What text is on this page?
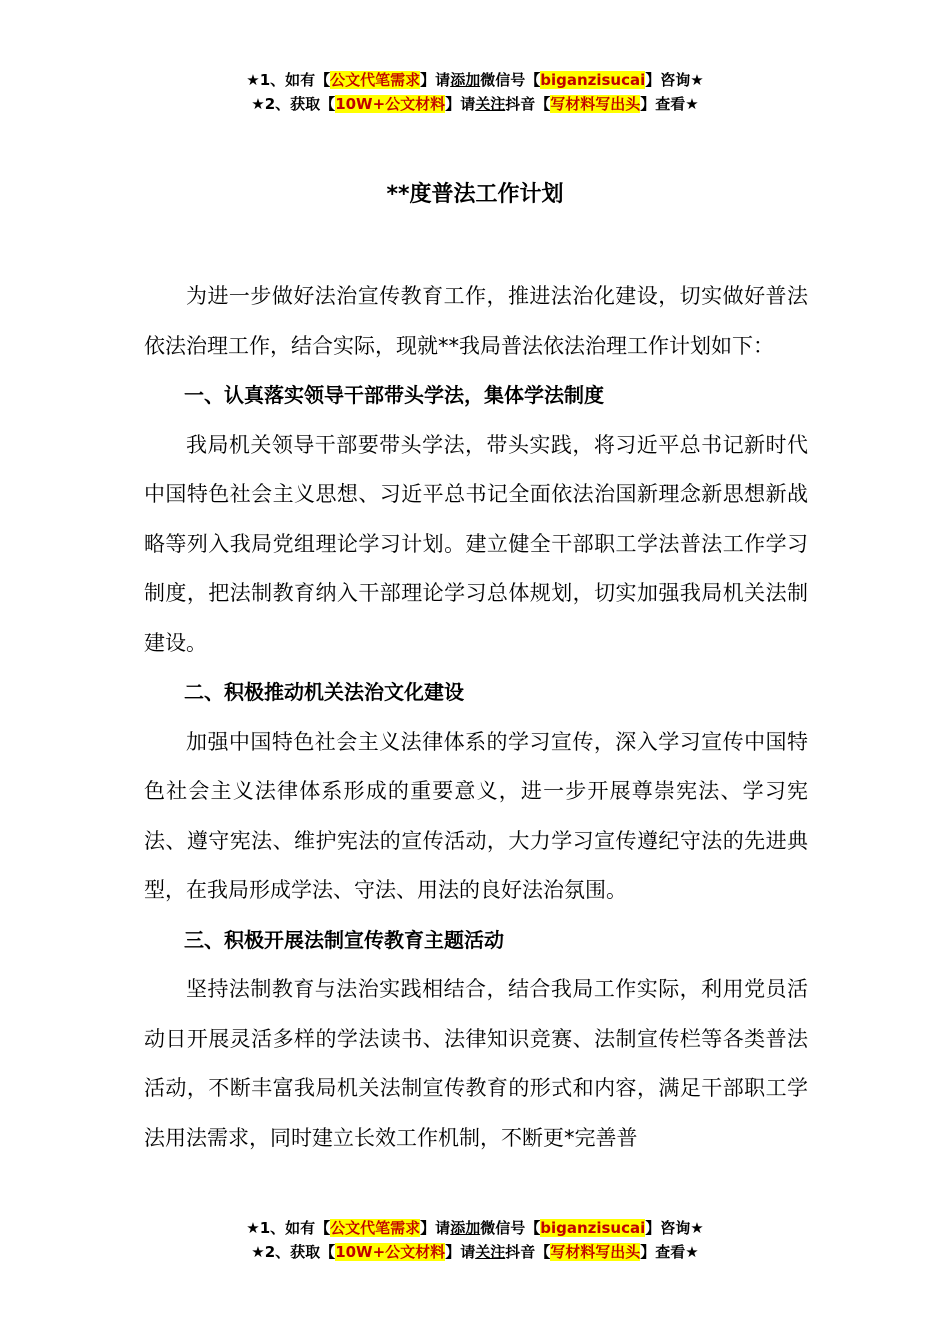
★1、如有【公文代笔需求】请添加微信号【biganzisucai】咨询★
★2、获取【10W+公文材料】请关注抖音【写材料写出头】查看★
**度普法工作计划

为进一步做好法治宣传教育工作，推进法治化建设，切实做好普法依法治理工作，结合实际，现就**我局普法依法治理工作计划如下：

一、认真落实领导干部带头学法，集体学法制度

我局机关领导干部要带头学法，带头实践，将习近平总书记新时代中国特色社会主义思想、习近平总书记全面依法治国新理念新思想新战略等列入我局党组理论学习计划。建立健全干部职工学法普法工作学习制度，把法制教育纳入干部理论学习总体规划，切实加强我局机关法制建设。

二、积极推动机关法治文化建设

加强中国特色社会主义法律体系的学习宣传，深入学习宣传中国特色社会主义法律体系形成的重要意义，进一步开展尊崇宪法、学习宪法、遵守宪法、维护宪法的宣传活动，大力学习宣传遵纪守法的先进典型，在我局形成学法、守法、用法的良好法治氛围。

三、积极开展法制宣传教育主题活动

坚持法制教育与法治实践相结合，结合我局工作实际，利用党员活动日开展灵活多样的学法读书、法律知识竞赛、法制宣传栏等各类普法活动，不断丰富我局机关法制宣传教育的形式和内容，满足干部职工学法用法需求，同时建立长效工作机制，不断更*完善普

★1、如有【公文代笔需求】请添加微信号【biganzisucai】咨询★
★2、获取【10W+公文材料】请关注抖音【写材料写出头】查看★
